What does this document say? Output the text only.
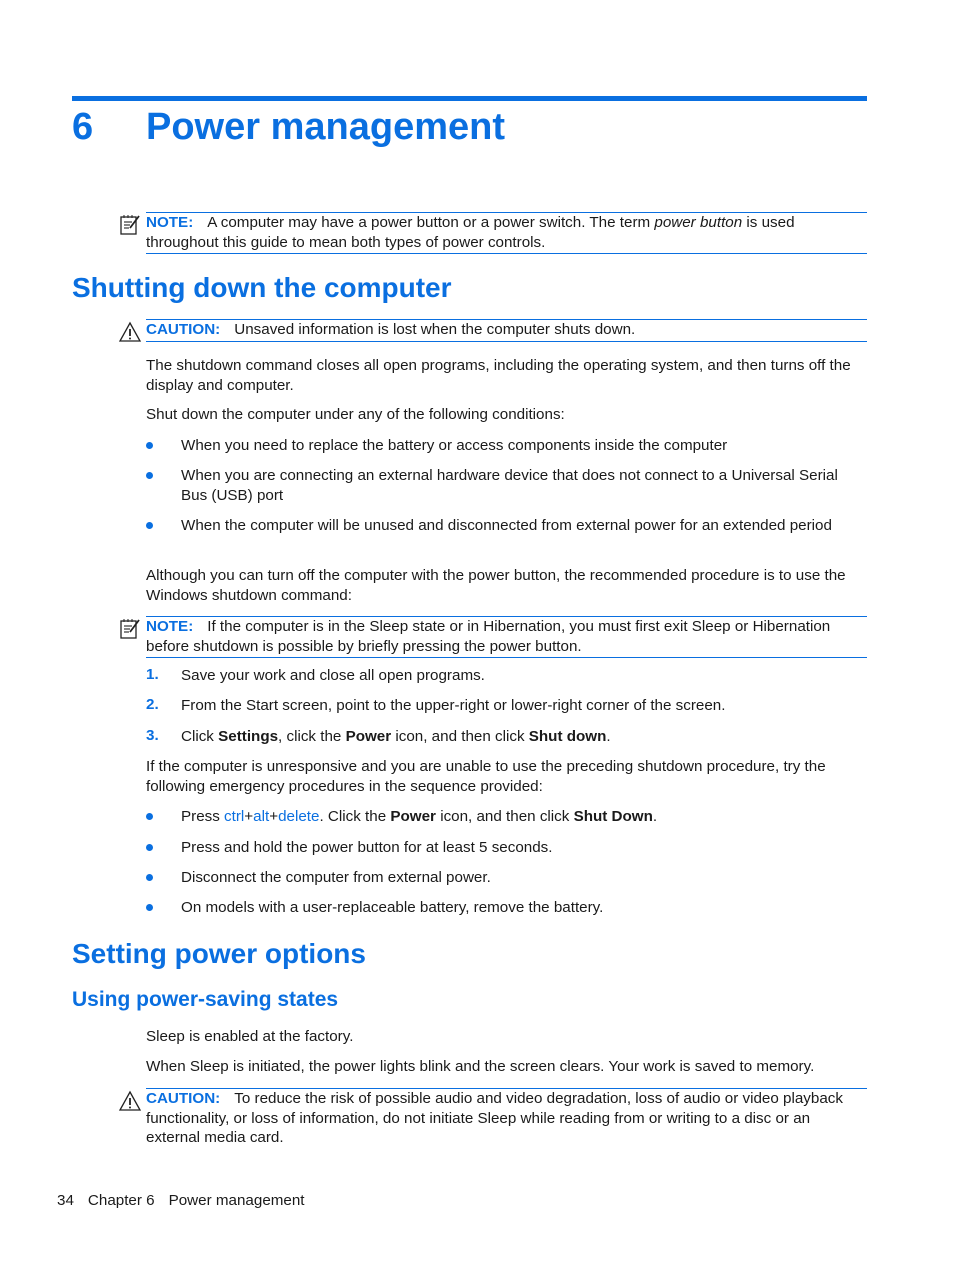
6 Power management
NOTE: A computer may have a power button or a power switch. The term power button is used throughout this guide to mean both types of power controls.
Shutting down the computer
CAUTION: Unsaved information is lost when the computer shuts down.
The shutdown command closes all open programs, including the operating system, and then turns off the display and computer.
Shut down the computer under any of the following conditions:
When you need to replace the battery or access components inside the computer
When you are connecting an external hardware device that does not connect to a Universal Serial Bus (USB) port
When the computer will be unused and disconnected from external power for an extended period
Although you can turn off the computer with the power button, the recommended procedure is to use the Windows shutdown command:
NOTE: If the computer is in the Sleep state or in Hibernation, you must first exit Sleep or Hibernation before shutdown is possible by briefly pressing the power button.
1. Save your work and close all open programs.
2. From the Start screen, point to the upper-right or lower-right corner of the screen.
3. Click Settings, click the Power icon, and then click Shut down.
If the computer is unresponsive and you are unable to use the preceding shutdown procedure, try the following emergency procedures in the sequence provided:
Press ctrl+alt+delete. Click the Power icon, and then click Shut Down.
Press and hold the power button for at least 5 seconds.
Disconnect the computer from external power.
On models with a user-replaceable battery, remove the battery.
Setting power options
Using power-saving states
Sleep is enabled at the factory.
When Sleep is initiated, the power lights blink and the screen clears. Your work is saved to memory.
CAUTION: To reduce the risk of possible audio and video degradation, loss of audio or video playback functionality, or loss of information, do not initiate Sleep while reading from or writing to a disc or an external media card.
34 Chapter 6 Power management
